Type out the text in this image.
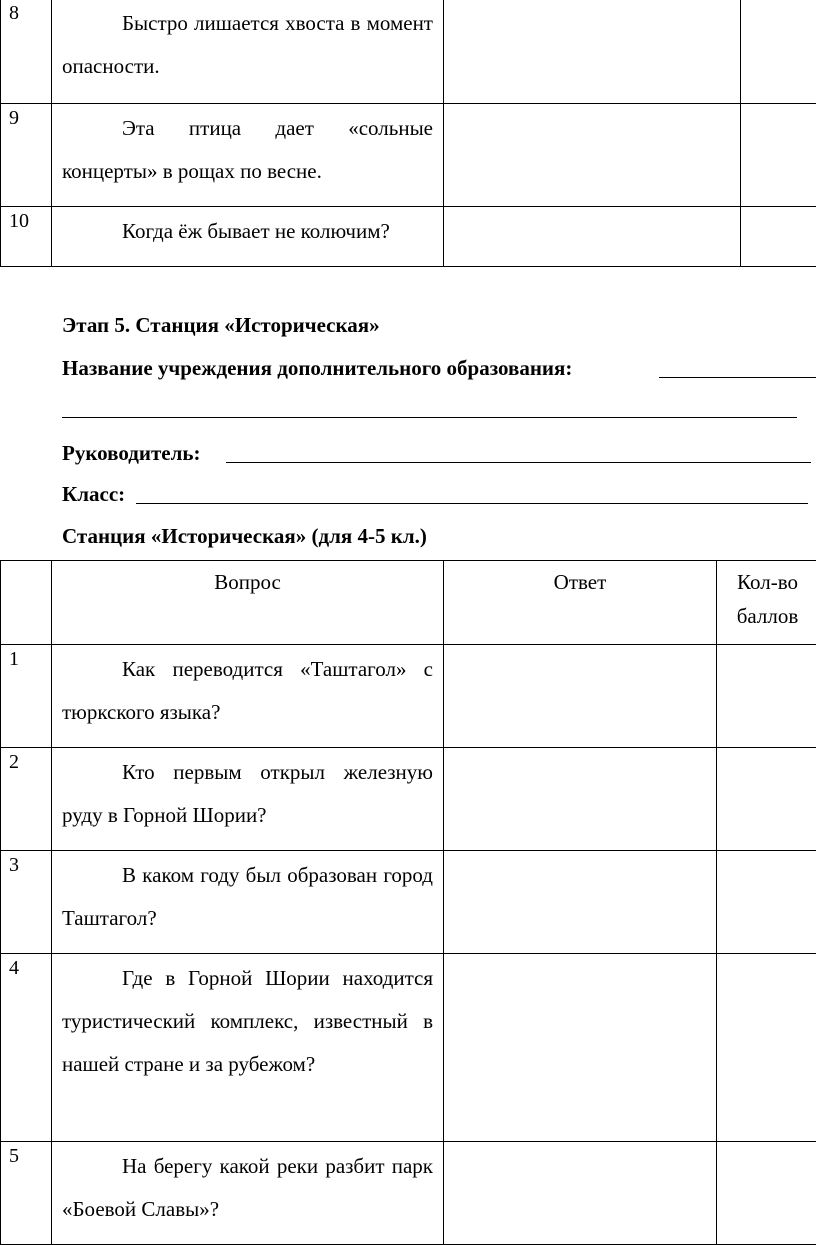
8	Быстро лишается хвоста в момент опасности.		
9	Эта птица дает «сольные концерты» в рощах по весне.		
10	Когда ёж бывает не колючим?		
Этап 5. Станция «Историческая»
Название учреждения дополнительного образования:
Руководитель:
Класс:
Станция «Историческая» (для 4-5 кл.)
	Вопрос	Ответ	Кол-во баллов
1	Как переводится «Таштагол» с тюркского языка?		
2	Кто первым открыл железную руду в Горной Шории?		
3	В каком году был образован город Таштагол?		
4	Где в Горной Шории находится туристический комплекс, известный в нашей стране и за рубежом?		
5	На берегу какой реки разбит парк «Боевой Славы»?		
